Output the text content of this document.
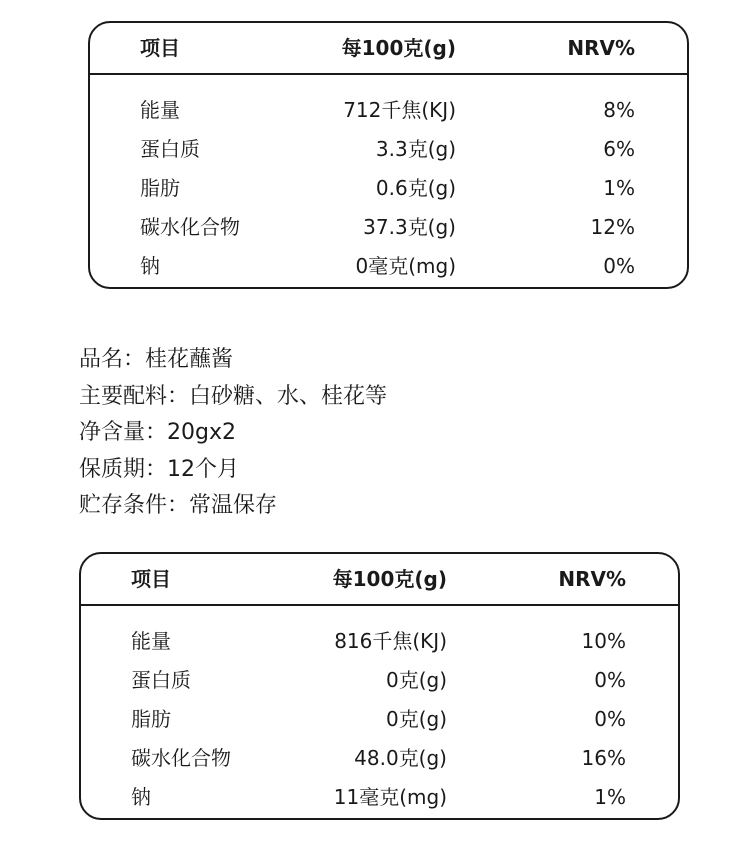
项目	每100克(g)	NRV%
能量	712千焦(KJ)	8%
蛋白质	3.3克(g)	6%
脂肪	0.6克(g)	1%
碳水化合物	37.3克(g)	12%
钠	0毫克(mg)	0%
品名：桂花蘸酱
主要配料：白砂糖、水、桂花等
净含量：20gx2
保质期：12个月
贮存条件：常温保存
项目	每100克(g)	NRV%
能量	816千焦(KJ)	10%
蛋白质	0克(g)	0%
脂肪	0克(g)	0%
碳水化合物	48.0克(g)	16%
钠	11毫克(mg)	1%
